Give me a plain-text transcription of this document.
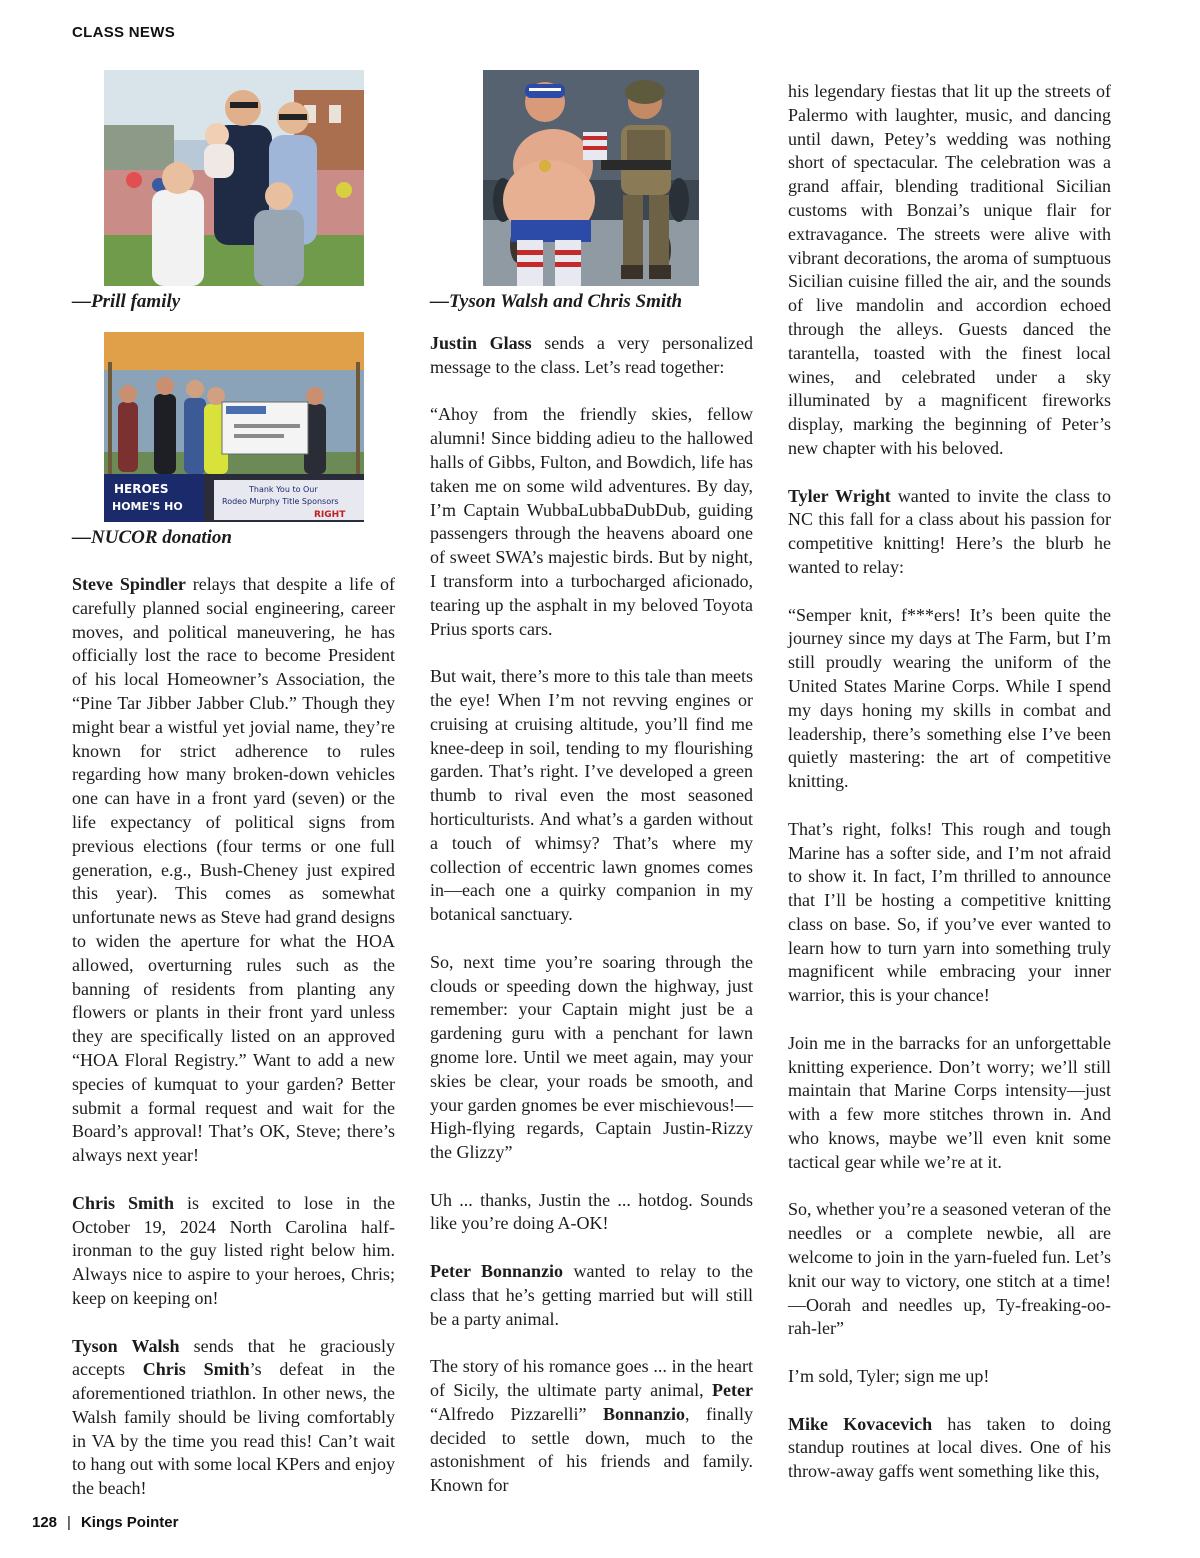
CLASS NEWS
—Prill family
HEROES
HOME'S HO
Thank You to Our
Rodeo Murphy Title Sponsors
RIGHT
—NUCOR donation

Steve Spindler relays that despite a life of carefully planned social engineering, career moves, and political maneuvering, he has officially lost the race to become President of his local Homeowner’s Association, the “Pine Tar Jibber Jabber Club.” Though they might bear a wistful yet jovial name, they’re known for strict adherence to rules regarding how many broken-down vehicles one can have in a front yard (seven) or the life expectancy of political signs from previous elections (four terms or one full generation, e.g., Bush-Cheney just expired this year). This comes as somewhat unfortunate news as Steve had grand designs to widen the aperture for what the HOA allowed, overturning rules such as the banning of residents from planting any flowers or plants in their front yard unless they are specifically listed on an approved “HOA Floral Registry.” Want to add a new species of kumquat to your garden? Better submit a formal request and wait for the Board’s approval! That’s OK, Steve; there’s always next year!

Chris Smith is excited to lose in the October 19, 2024 North Carolina half-ironman to the guy listed right below him. Always nice to aspire to your heroes, Chris; keep on keeping on!

Tyson Walsh sends that he graciously accepts Chris Smith’s defeat in the aforementioned triathlon. In other news, the Walsh family should be living comfortably in VA by the time you read this! Can’t wait to hang out with some local KPers and enjoy the beach!

—Tyson Walsh and Chris Smith

Justin Glass sends a very personalized message to the class. Let’s read together:

“Ahoy from the friendly skies, fellow alumni! Since bidding adieu to the hallowed halls of Gibbs, Fulton, and Bowdich, life has taken me on some wild adventures. By day, I’m Captain WubbaLubbaDubDub, guiding passengers through the heavens aboard one of sweet SWA’s majestic birds. But by night, I transform into a turbocharged aficionado, tearing up the asphalt in my beloved Toyota Prius sports cars.

But wait, there’s more to this tale than meets the eye! When I’m not revving engines or cruising at cruising altitude, you’ll find me knee-deep in soil, tending to my flourishing garden. That’s right. I’ve developed a green thumb to rival even the most seasoned horticulturists. And what’s a garden without a touch of whimsy? That’s where my collection of eccentric lawn gnomes comes in—each one a quirky companion in my botanical sanctuary.

So, next time you’re soaring through the clouds or speeding down the highway, just remember: your Captain might just be a gardening guru with a penchant for lawn gnome lore. Until we meet again, may your skies be clear, your roads be smooth, and your garden gnomes be ever mischievous!—High-flying regards, Captain Justin-Rizzy the Glizzy”

Uh ... thanks, Justin the ... hotdog. Sounds like you’re doing A-OK!

Peter Bonnanzio wanted to relay to the class that he’s getting married but will still be a party animal.

The story of his romance goes ... in the heart of Sicily, the ultimate party animal, Peter “Alfredo Pizzarelli” Bonnanzio, finally decided to settle down, much to the astonishment of his friends and family. Known for

his legendary fiestas that lit up the streets of Palermo with laughter, music, and dancing until dawn, Petey’s wedding was nothing short of spectacular. The celebration was a grand affair, blending traditional Sicilian customs with Bonzai’s unique flair for extravagance. The streets were alive with vibrant decorations, the aroma of sumptuous Sicilian cuisine filled the air, and the sounds of live mandolin and accordion echoed through the alleys. Guests danced the tarantella, toasted with the finest local wines, and celebrated under a sky illuminated by a magnificent fireworks display, marking the beginning of Peter’s new chapter with his beloved.

Tyler Wright wanted to invite the class to NC this fall for a class about his passion for competitive knitting! Here’s the blurb he wanted to relay:

“Semper knit, f***ers! It’s been quite the journey since my days at The Farm, but I’m still proudly wearing the uniform of the United States Marine Corps. While I spend my days honing my skills in combat and leadership, there’s something else I’ve been quietly mastering: the art of competitive knitting.

That’s right, folks! This rough and tough Marine has a softer side, and I’m not afraid to show it. In fact, I’m thrilled to announce that I’ll be hosting a competitive knitting class on base. So, if you’ve ever wanted to learn how to turn yarn into something truly magnificent while embracing your inner warrior, this is your chance!

Join me in the barracks for an unforgettable knitting experience. Don’t worry; we’ll still maintain that Marine Corps intensity—just with a few more stitches thrown in. And who knows, maybe we’ll even knit some tactical gear while we’re at it.

So, whether you’re a seasoned veteran of the needles or a complete newbie, all are welcome to join in the yarn-fueled fun. Let’s knit our way to victory, one stitch at a time! —Oorah and needles up, Ty-freaking-oo-rah-ler”

I’m sold, Tyler; sign me up!

Mike Kovacevich has taken to doing standup routines at local dives. One of his throw-away gaffs went something like this,

128 | Kings Pointer
